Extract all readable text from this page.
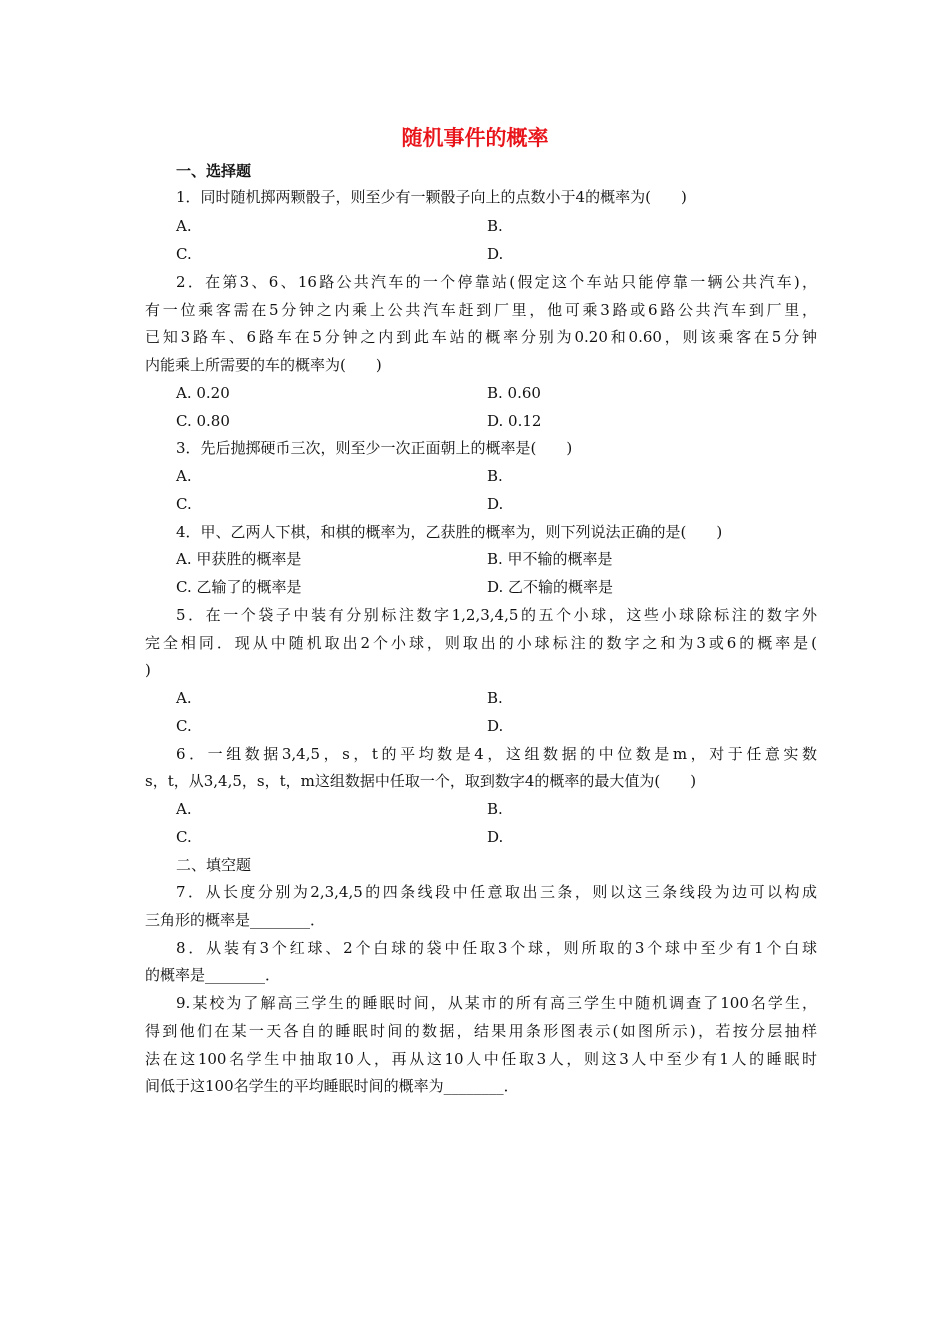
随机事件的概率
一、选择题
1．同时随机掷两颗骰子，则至少有一颗骰子向上的点数小于4的概率为(　　)
A.	B.
C.	D.
2．在第3、6、16路公共汽车的一个停靠站(假定这个车站只能停靠一辆公共汽车)，
有一位乘客需在5分钟之内乘上公共汽车赶到厂里，他可乘3路或6路公共汽车到厂里，
已知3路车、6路车在5分钟之内到此车站的概率分别为0.20和0.60，则该乘客在5分钟
内能乘上所需要的车的概率为(　　)
A. 0.20	B. 0.60
C. 0.80	D. 0.12
3．先后抛掷硬币三次，则至少一次正面朝上的概率是(　　)
A.	B.
C.	D.
4．甲、乙两人下棋，和棋的概率为，乙获胜的概率为，则下列说法正确的是(　　)
A. 甲获胜的概率是	B. 甲不输的概率是
C. 乙输了的概率是	D. 乙不输的概率是
5．在一个袋子中装有分别标注数字1,2,3,4,5的五个小球，这些小球除标注的数字外
完全相同．现从中随机取出2个小球，则取出的小球标注的数字之和为3或6的概率是(
)
A.	B.
C.	D.
6．一组数据3,4,5，s，t的平均数是4，这组数据的中位数是m，对于任意实数
s，t，从3,4,5，s，t，m这组数据中任取一个，取到数字4的概率的最大值为(　　)
A.	B.
C.	D.
二、填空题
7．从长度分别为2,3,4,5的四条线段中任意取出三条，则以这三条线段为边可以构成
三角形的概率是________．
8．从装有3个红球、2个白球的袋中任取3个球，则所取的3个球中至少有1个白球
的概率是________．
9.某校为了解高三学生的睡眠时间，从某市的所有高三学生中随机调查了100名学生，
得到他们在某一天各自的睡眠时间的数据，结果用条形图表示(如图所示)，若按分层抽样
法在这100名学生中抽取10人，再从这10人中任取3人，则这3人中至少有1人的睡眠时
间低于这100名学生的平均睡眠时间的概率为________．
